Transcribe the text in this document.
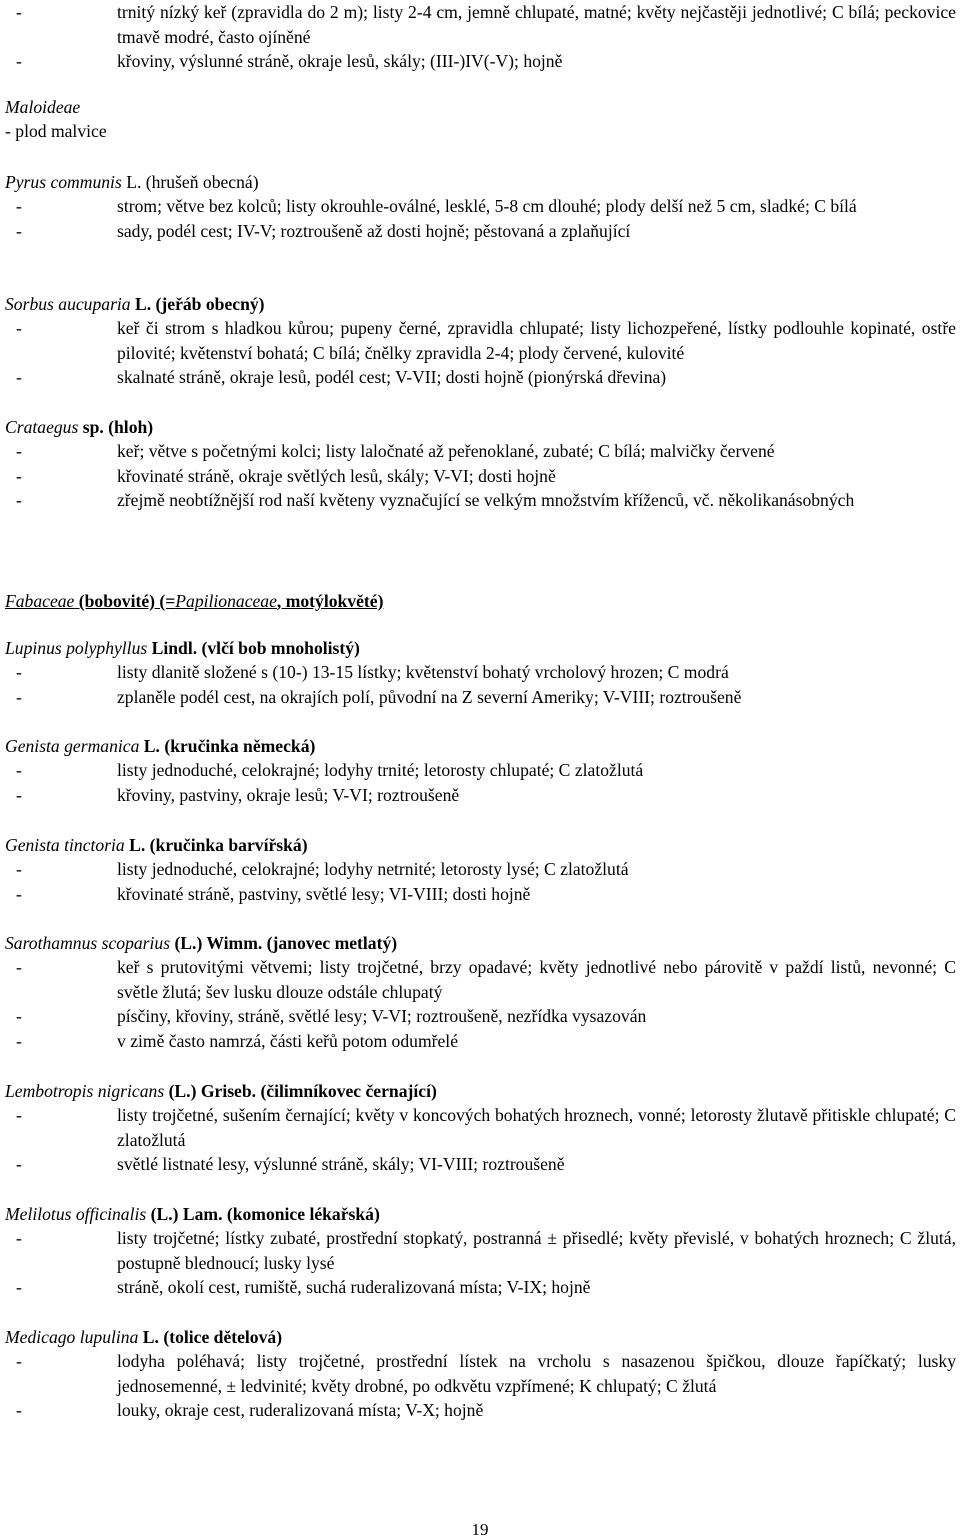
-	trnitý nízký keř (zpravidla do 2 m); listy 2-4 cm, jemně chlupaté, matné; květy nejčastěji jednotlivé; C bílá; peckovice tmavě modré, často ojíněné
-	křoviny, výslunné stráně, okraje lesů, skály; (III-)IV(-V); hojně
Maloideae
- plod malvice
Pyrus communis L. (hrušeň obecná)
-	strom; větve bez kolců; listy okrouhle-oválné, lesklé, 5-8 cm dlouhé; plody delší než 5 cm, sladké; C bílá
-	sady, podél cest; IV-V; roztroušeně až dosti hojně; pěstovaná a zplaňující
Sorbus aucuparia L. (jeřáb obecný)
-	keř či strom s hladkou kůrou; pupeny černé, zpravidla chlupaté; listy lichozpeřené, lístky podlouhle kopinaté, ostře pilovité; květenství bohatá; C bílá; čnělky zpravidla 2-4; plody červené, kulovité
-	skalnaté stráně, okraje lesů, podél cest; V-VII; dosti hojně (pionýrská dřevina)
Crataegus sp. (hloh)
-	keř; větve s početnými kolci; listy laločnaté až peřenoklané, zubaté; C bílá; malvičky červené
-	křovinaté stráně, okraje světlých lesů, skály; V-VI; dosti hojně
-	zřejmě neobtížnější rod naší květeny vyznačující se velkým množstvím kříženců, vč. několikanásobných
Fabaceae (bobovité) (=Papilionaceae, motýlokvěté)
Lupinus polyphyllus Lindl. (vlčí bob mnoholistý)
-	listy dlanitě složené s (10-) 13-15 lístky; květenství bohatý vrcholový hrozen; C modrá
-	zplaněle podél cest, na okrajích polí, původní na Z severní Ameriky; V-VIII; roztroušeně
Genista germanica L. (kručinka německá)
-	listy jednoduché, celokrajné; lodyhy trnité; letorosty chlupaté; C zlatožlutá
-	křoviny, pastviny, okraje lesů; V-VI; roztroušeně
Genista tinctoria L. (kručinka barvířská)
-	listy jednoduché, celokrajné; lodyhy netrnité; letorosty lysé; C zlatožlutá
-	křovinaté stráně, pastviny, světlé lesy; VI-VIII; dosti hojně
Sarothamnus scoparius (L.) Wimm. (janovec metlatý)
-	keř s prutovitými větvemi; listy trojčetné, brzy opadavé; květy jednotlivé nebo párovitě v paždí listů, nevonné; C světle žlutá; šev lusku dlouze odstále chlupatý
-	písčiny, křoviny, stráně, světlé lesy; V-VI; roztroušeně, nezřídka vysazován
-	v zimě často namrzá, části keřů potom odumřelé
Lembotropis nigricans (L.) Griseb. (čilimníkovec černající)
-	listy trojčetné, sušením černající; květy v koncových bohatých hroznech, vonné; letorosty žlutavě přitiskle chlupaté; C zlatožlutá
-	světlé listnaté lesy, výslunné stráně, skály; VI-VIII; roztroušeně
Melilotus officinalis (L.) Lam. (komonice lékařská)
-	listy trojčetné; lístky zubaté, prostřední stopkatý, postranná ± přisedlé; květy převislé, v bohatých hroznech; C žlutá, postupně blednoucí; lusky lysé
-	stráně, okolí cest, rumiště, suchá ruderalizovaná místa; V-IX; hojně
Medicago lupulina L. (tolice dětelová)
-	lodyha poléhavá; listy trojčetné, prostřední lístek na vrcholu s nasazenou špičkou, dlouze řapíčkatý; lusky jednosemenné, ± ledvinité; květy drobné, po odkvětu vzpřímené; K chlupatý; C žlutá
-	louky, okraje cest, ruderalizovaná místa; V-X; hojně
19
